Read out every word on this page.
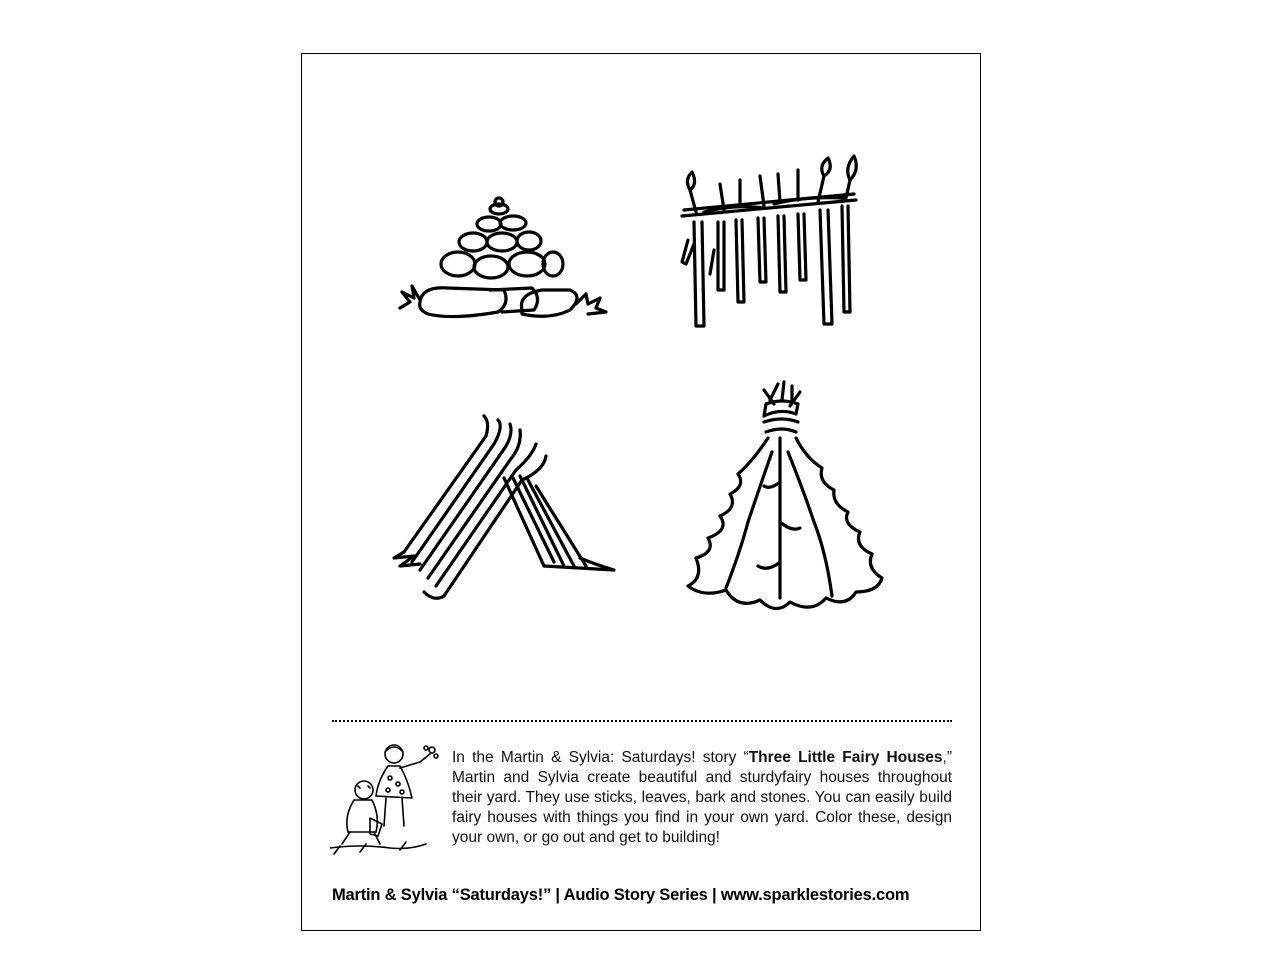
In the Martin & Sylvia: Saturdays! story “Three Little Fairy Houses,” Martin and Sylvia create beautiful and sturdyfairy houses throughout their yard. They use sticks, leaves, bark and stones. You can easily build fairy houses with things you find in your own yard. Color these, design your own, or go out and get to building!

Martin & Sylvia “Saturdays!” | Audio Story Series | www.sparklestories.com
